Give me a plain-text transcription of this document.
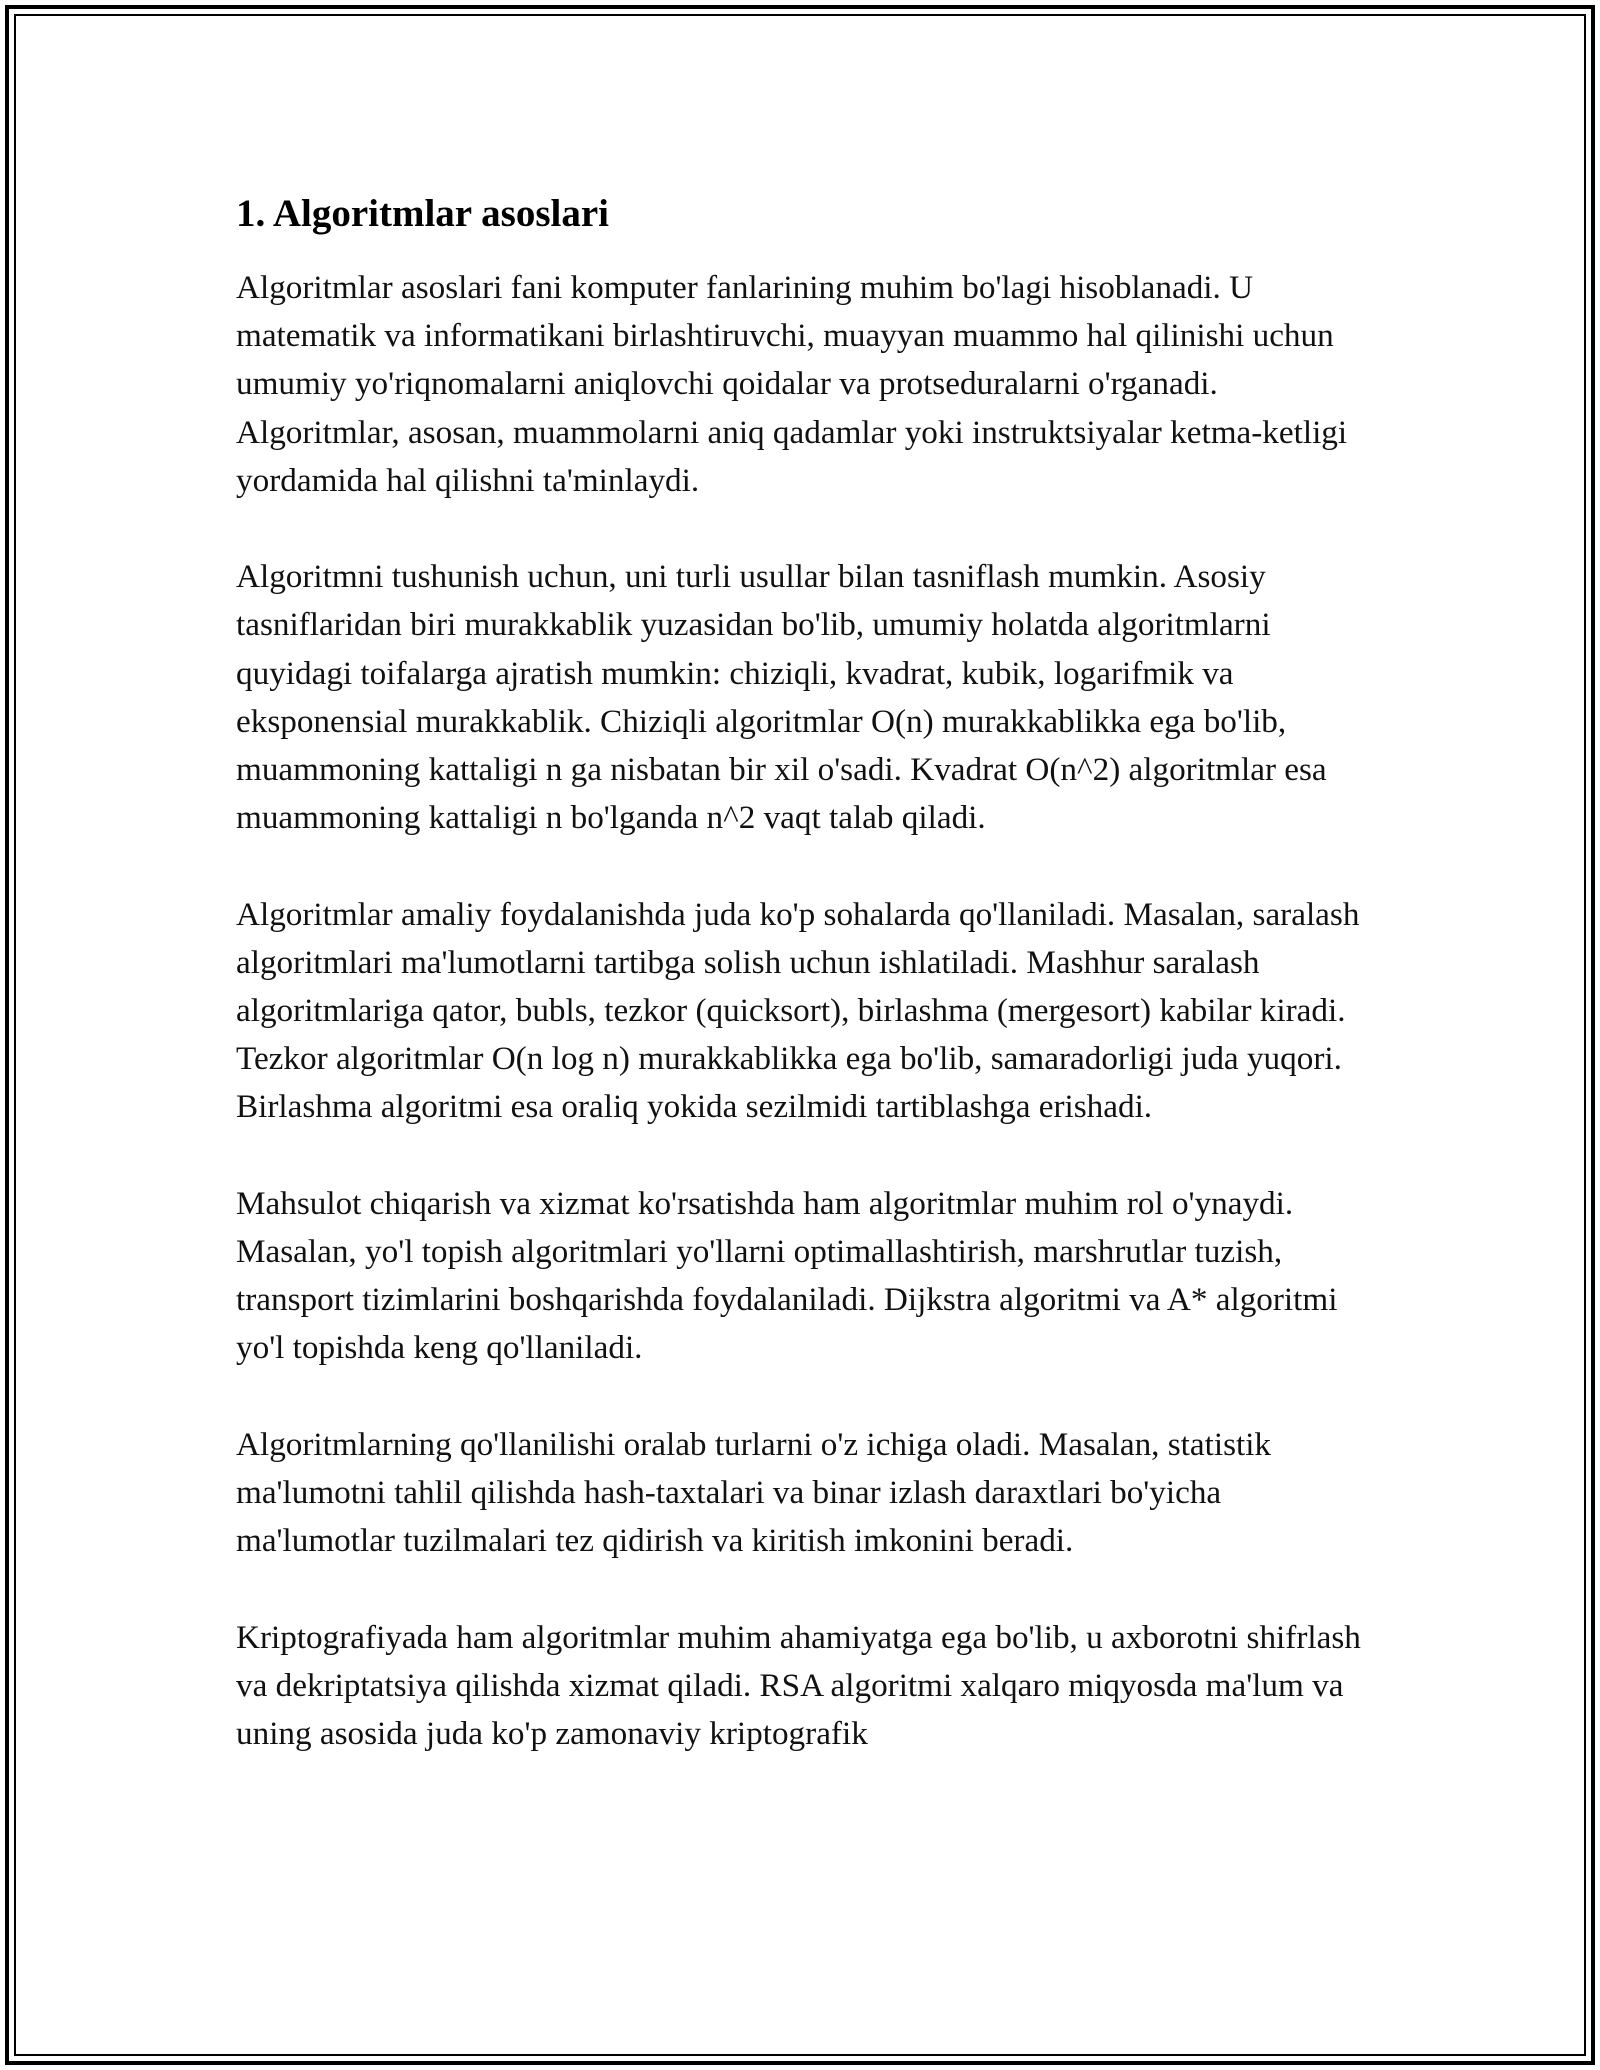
1. Algoritmlar asoslari

Algoritmlar asoslari fani komputer fanlarining muhim bo'lagi hisoblanadi. U matematik va informatikani birlashtiruvchi, muayyan muammo hal qilinishi uchun umumiy yo'riqnomalarni aniqlovchi qoidalar va protseduralarni o'rganadi. Algoritmlar, asosan, muammolarni aniq qadamlar yoki instruktsiyalar ketma-ketligi yordamida hal qilishni ta'minlaydi.

Algoritmni tushunish uchun, uni turli usullar bilan tasniflash mumkin. Asosiy tasniflaridan biri murakkablik yuzasidan bo'lib, umumiy holatda algoritmlarni quyidagi toifalarga ajratish mumkin: chiziqli, kvadrat, kubik, logarifmik va eksponensial murakkablik. Chiziqli algoritmlar O(n) murakkablikka ega bo'lib, muammoning kattaligi n ga nisbatan bir xil o'sadi. Kvadrat O(n^2) algoritmlar esa muammoning kattaligi n bo'lganda n^2 vaqt talab qiladi.

Algoritmlar amaliy foydalanishda juda ko'p sohalarda qo'llaniladi. Masalan, saralash algoritmlari ma'lumotlarni tartibga solish uchun ishlatiladi. Mashhur saralash algoritmlariga qator, bubls, tezkor (quicksort), birlashma (mergesort) kabilar kiradi. Tezkor algoritmlar O(n log n) murakkablikka ega bo'lib, samaradorligi juda yuqori. Birlashma algoritmi esa oraliq yokida sezilmidi tartiblashga erishadi.

Mahsulot chiqarish va xizmat ko'rsatishda ham algoritmlar muhim rol o'ynaydi. Masalan, yo'l topish algoritmlari yo'llarni optimallashtirish, marshrutlar tuzish, transport tizimlarini boshqarishda foydalaniladi. Dijkstra algoritmi va A* algoritmi yo'l topishda keng qo'llaniladi.

Algoritmlarning qo'llanilishi oralab turlarni o'z ichiga oladi. Masalan, statistik ma'lumotni tahlil qilishda hash-taxtalari va binar izlash daraxtlari bo'yicha ma'lumotlar tuzilmalari tez qidirish va kiritish imkonini beradi.

Kriptografiyada ham algoritmlar muhim ahamiyatga ega bo'lib, u axborotni shifrlash va dekriptatsiya qilishda xizmat qiladi. RSA algoritmi xalqaro miqyosda ma'lum va uning asosida juda ko'p zamonaviy kriptografik
